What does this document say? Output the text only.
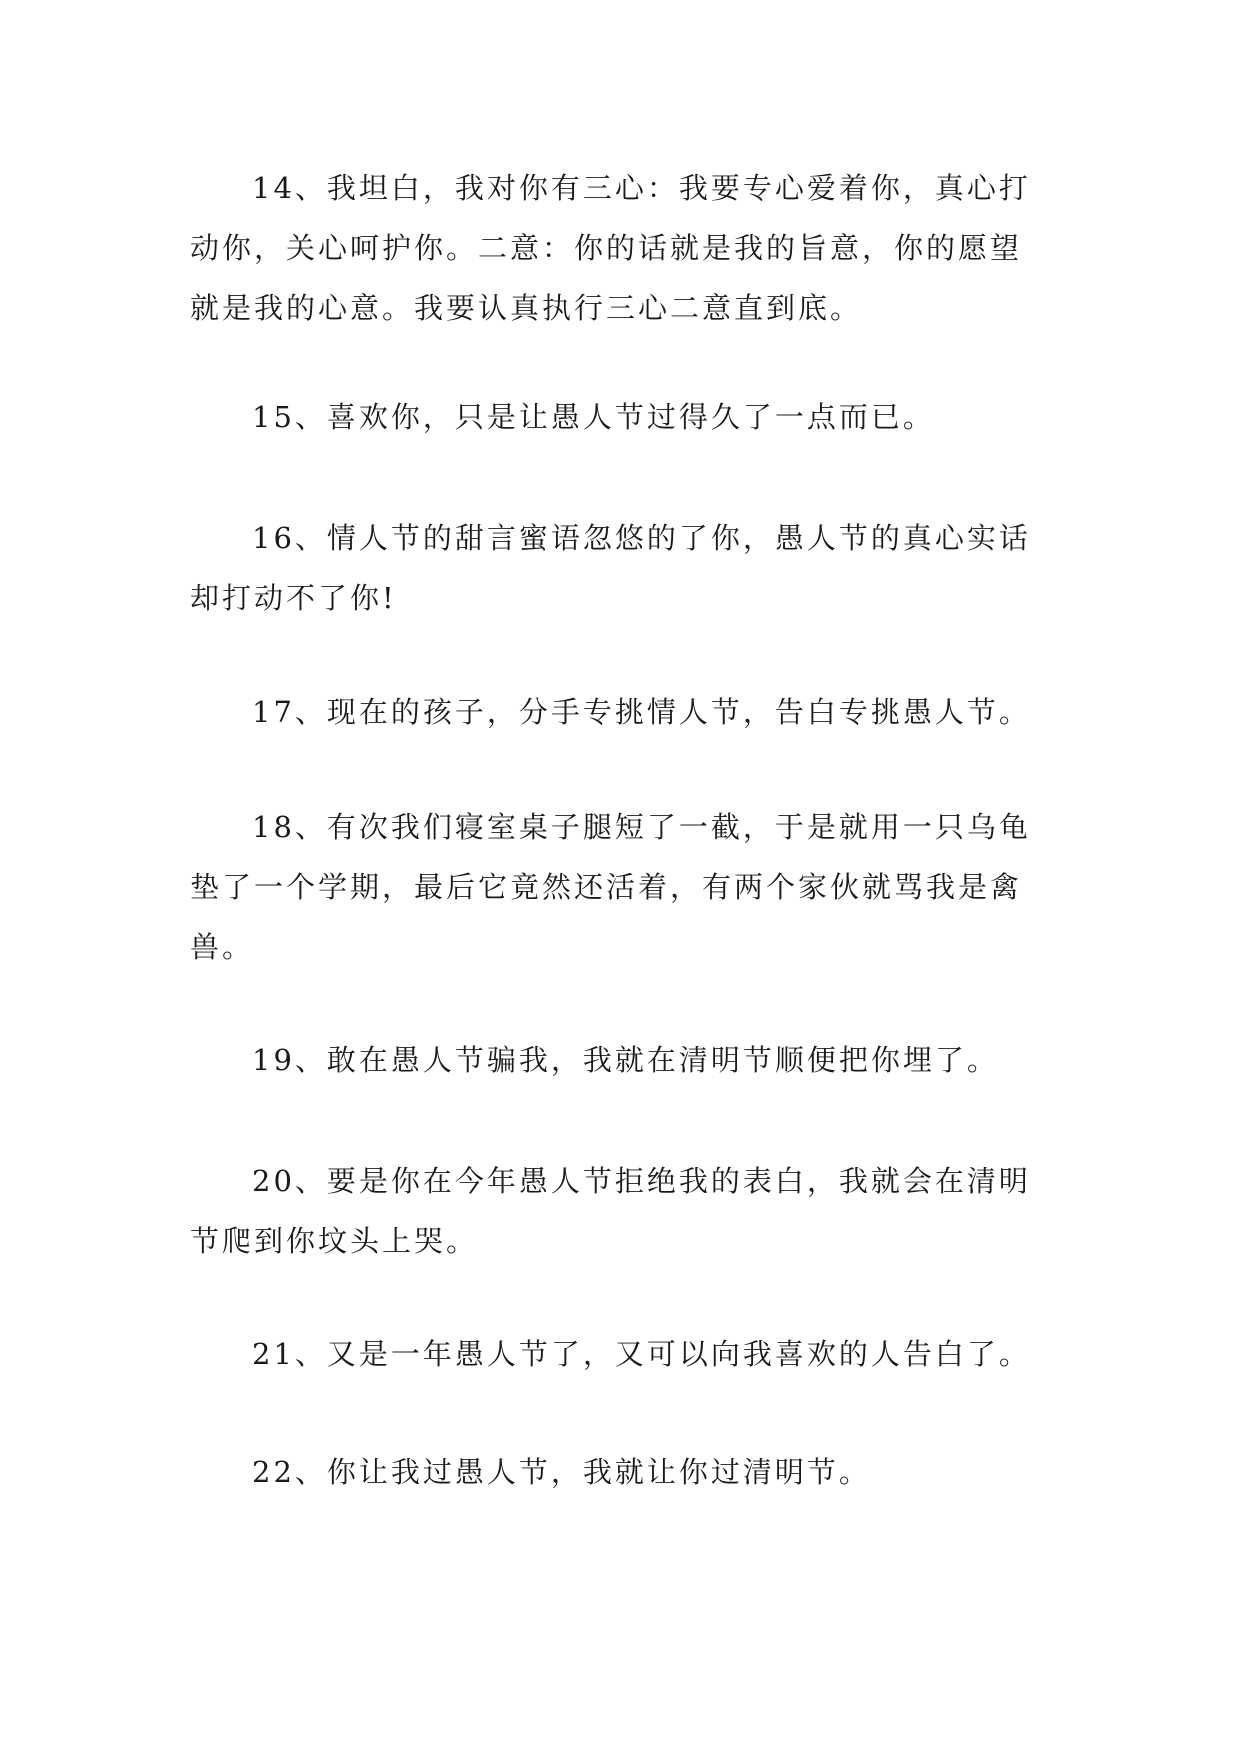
14、我坦白，我对你有三心：我要专心爱着你，真心打动你，关心呵护你。二意：你的话就是我的旨意，你的愿望就是我的心意。我要认真执行三心二意直到底。

15、喜欢你，只是让愚人节过得久了一点而已。

16、情人节的甜言蜜语忽悠的了你，愚人节的真心实话却打动不了你!

17、现在的孩子，分手专挑情人节，告白专挑愚人节。

18、有次我们寝室桌子腿短了一截，于是就用一只乌龟垫了一个学期，最后它竟然还活着，有两个家伙就骂我是禽兽。

19、敢在愚人节骗我，我就在清明节顺便把你埋了。

20、要是你在今年愚人节拒绝我的表白，我就会在清明节爬到你坟头上哭。

21、又是一年愚人节了，又可以向我喜欢的人告白了。

22、你让我过愚人节，我就让你过清明节。
